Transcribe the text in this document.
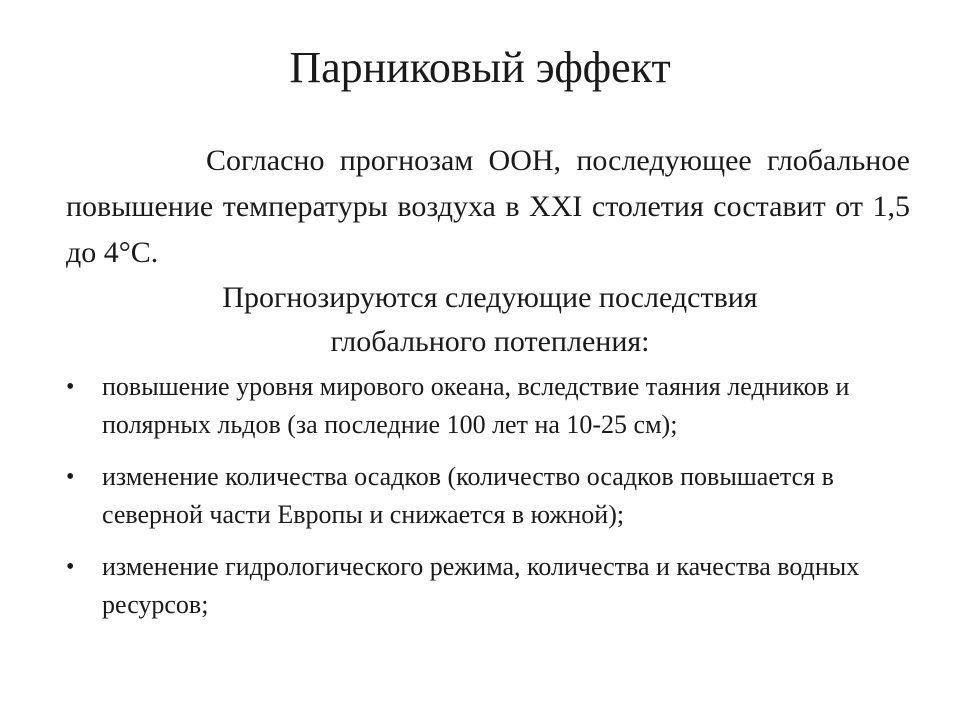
Парниковый эффект

Согласно прогнозам ООН, последующее глобальное повышение температуры воздуха в XXI столетия составит от 1,5 до 4°С.

Прогнозируются следующие последствия
глобального потепления:
• повышение уровня мирового океана, вследствие таяния ледников и полярных льдов (за последние 100 лет на 10-25 см);
• изменение количества осадков (количество осадков повышается в северной части Европы и снижается в южной);
• изменение гидрологического режима, количества и качества водных ресурсов;
